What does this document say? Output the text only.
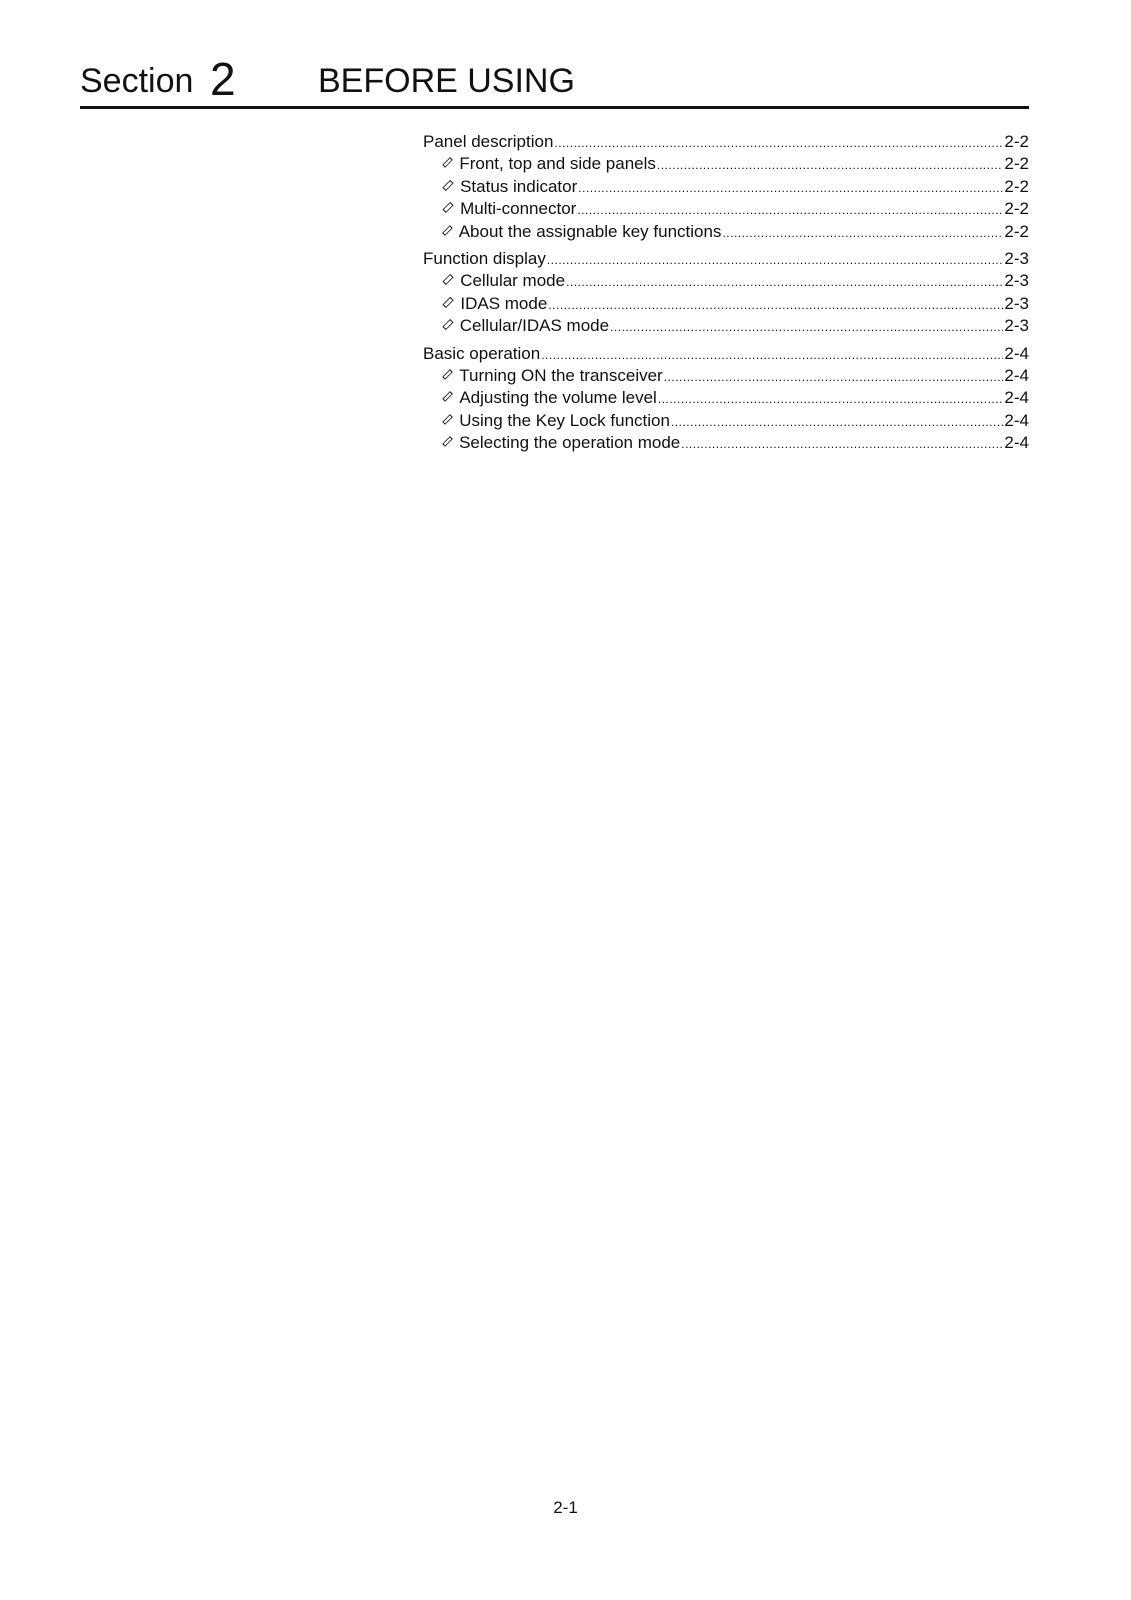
Section 2 BEFORE USING
Panel description .....	2-2
Front, top and side panels .....	2-2
Status indicator .....	2-2
Multi-connector .....	2-2
About the assignable key functions .....	2-2
Function display .....	2-3
Cellular mode .....	2-3
IDAS mode .....	2-3
Cellular/IDAS mode .....	2-3
Basic operation .....	2-4
Turning ON the transceiver .....	2-4
Adjusting the volume level .....	2-4
Using the Key Lock function .....	2-4
Selecting the operation mode .....	2-4
2-1
